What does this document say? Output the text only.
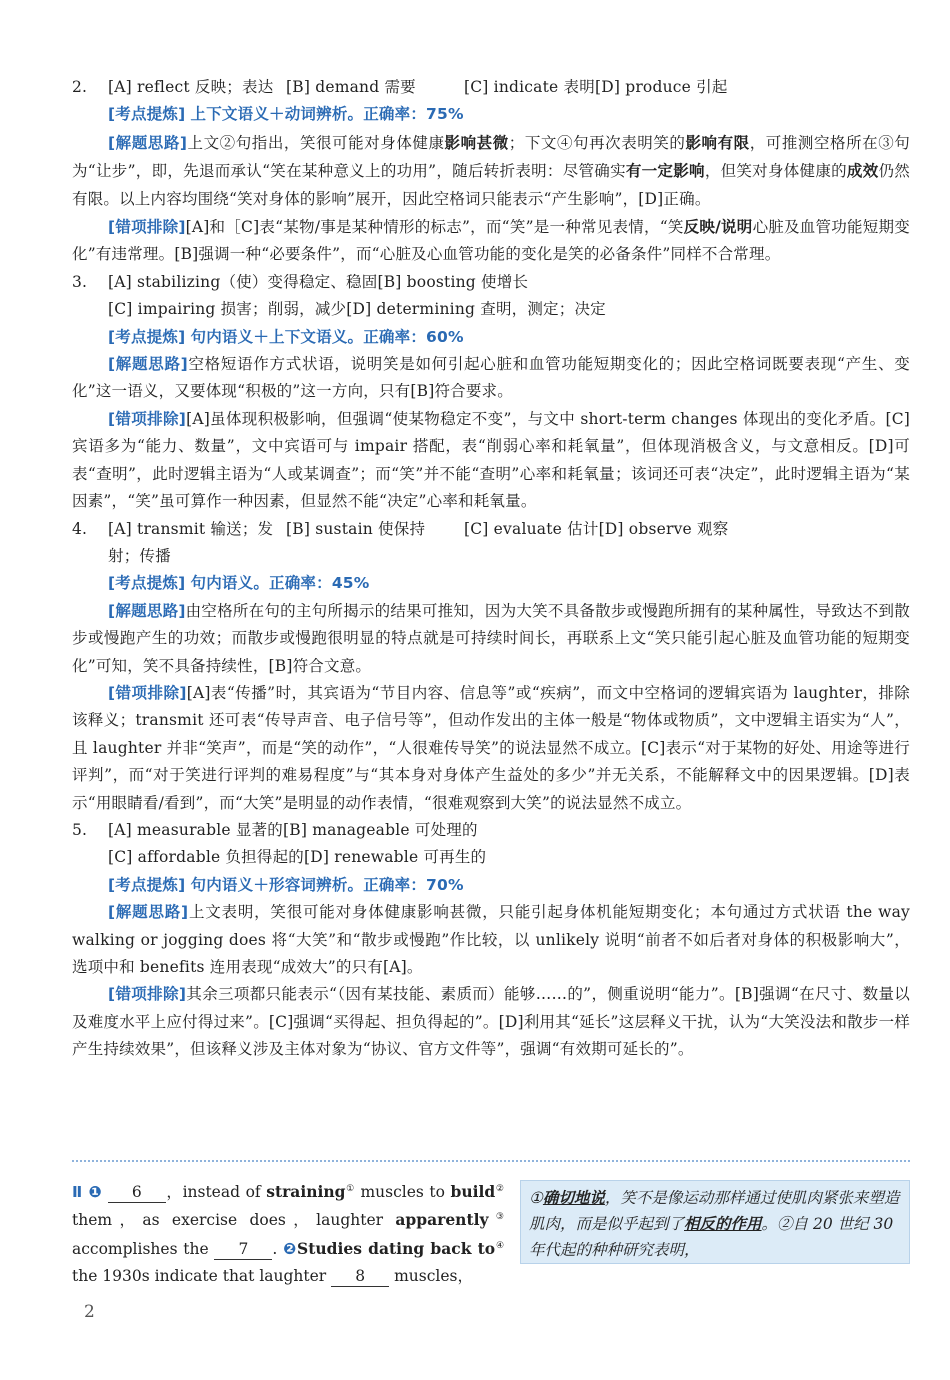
2.	[A] reflect 反映；表达 [B] demand 需要	[C] indicate 表明 [D] produce 引起

[考点提炼] 上下文语义＋动词辨析。正确率：75%

[解题思路]上文②句指出，笑很可能对身体健康影响甚微；下文④句再次表明笑的影响有限，可推测空格所在③句为“让步”，即，先退而承认“笑在某种意义上的功用”，随后转折表明：尽管确实有一定影响，但笑对身体健康的成效仍然有限。以上内容均围绕“笑对身体的影响”展开，因此空格词只能表示“产生影响”，[D]正确。

[错项排除][A]和［C]表“某物/事是某种情形的标志”，而“笑”是一种常见表情，“笑反映/说明心脏及血管功能短期变化”有违常理。[B]强调一种“必要条件”，而“心脏及心血管功能的变化是笑的必备条件”同样不合常理。

3.	[A] stabilizing（使）变得稳定、稳固 [B] boosting 使增长
[C] impairing 损害；削弱，减少 [D] determining 查明，测定；决定

[考点提炼] 句内语义＋上下文语义。正确率：60%

[解题思路]空格短语作方式状语，说明笑是如何引起心脏和血管功能短期变化的；因此空格词既要表现“产生、变化”这一语义，又要体现“积极的”这一方向，只有[B]符合要求。

[错项排除][A]虽体现积极影响，但强调“使某物稳定不变”，与文中 short-term changes 体现出的变化矛盾。[C]宾语多为“能力、数量”，文中宾语可与 impair 搭配，表“削弱心率和耗氧量”，但体现消极含义，与文意相反。[D]可表“查明”，此时逻辑主语为“人或某调查”；而“笑”并不能“查明”心率和耗氧量；该词还可表“决定”，此时逻辑主语为“某因素”，“笑”虽可算作一种因素，但显然不能“决定”心率和耗氧量。

4.	[A] transmit 输送；发射；传播
[B] sustain 使保持	[C] evaluate 估计 [D] observe 观察

[考点提炼] 句内语义。正确率：45%

[解题思路]由空格所在句的主句所揭示的结果可推知，因为大笑不具备散步或慢跑所拥有的某种属性，导致达不到散步或慢跑产生的功效；而散步或慢跑很明显的特点就是可持续时间长，再联系上文“笑只能引起心脏及血管功能的短期变化”可知，笑不具备持续性，[B]符合文意。

[错项排除][A]表“传播”时，其宾语为“节目内容、信息等”或“疾病”，而文中空格词的逻辑宾语为 laughter，排除该释义；transmit 还可表“传导声音、电子信号等”，但动作发出的主体一般是“物体或物质”，文中逻辑主语实为“人”，且 laughter 并非“笑声”，而是“笑的动作”，“人很难传导笑”的说法显然不成立。[C]表示“对于某物的好处、用途等进行评判”，而“对于笑进行评判的难易程度”与“其本身对身体产生益处的多少”并无关系，不能解释文中的因果逻辑。[D]表示“用眼睛看/看到”，而“大笑”是明显的动作表情，“很难观察到大笑”的说法显然不成立。

5.	[A] measurable 显著的 [B] manageable 可处理的
[C] affordable 负担得起的 [D] renewable 可再生的

[考点提炼] 句内语义＋形容词辨析。正确率：70%

[解题思路]上文表明，笑很可能对身体健康影响甚微，只能引起身体机能短期变化；本句通过方式状语 the way walking or jogging does 将“大笑”和“散步或慢跑”作比较，以 unlikely 说明“前者不如后者对身体的积极影响大”，选项中和 benefits 连用表现“成效大”的只有[A]。

[错项排除]其余三项都只能表示“（因有某技能、素质而）能够……的”，侧重说明“能力”。[B]强调“在尺寸、数量以及难度水平上应付得过来”。[C]强调“买得起、担负得起的”。[D]利用其“延长”这层释义干扰，认为“大笑没法和散步一样产生持续效果”，但该释义涉及主体对象为“协议、官方文件等”，强调“有效期可延长的”。

Ⅱ ❶ 6 ，instead of straining① muscles to build② them，as exercise does，laughter apparently③ accomplishes the 7 . ❷Studies dating back to④ the 1930s indicate that laughter 8 muscles，
①确切地说，笑不是像运动那样通过使肌肉紧张来塑造肌肉，而是似乎起到了相反的作用。②自 20 世纪 30 年代起的种种研究表明，
2
